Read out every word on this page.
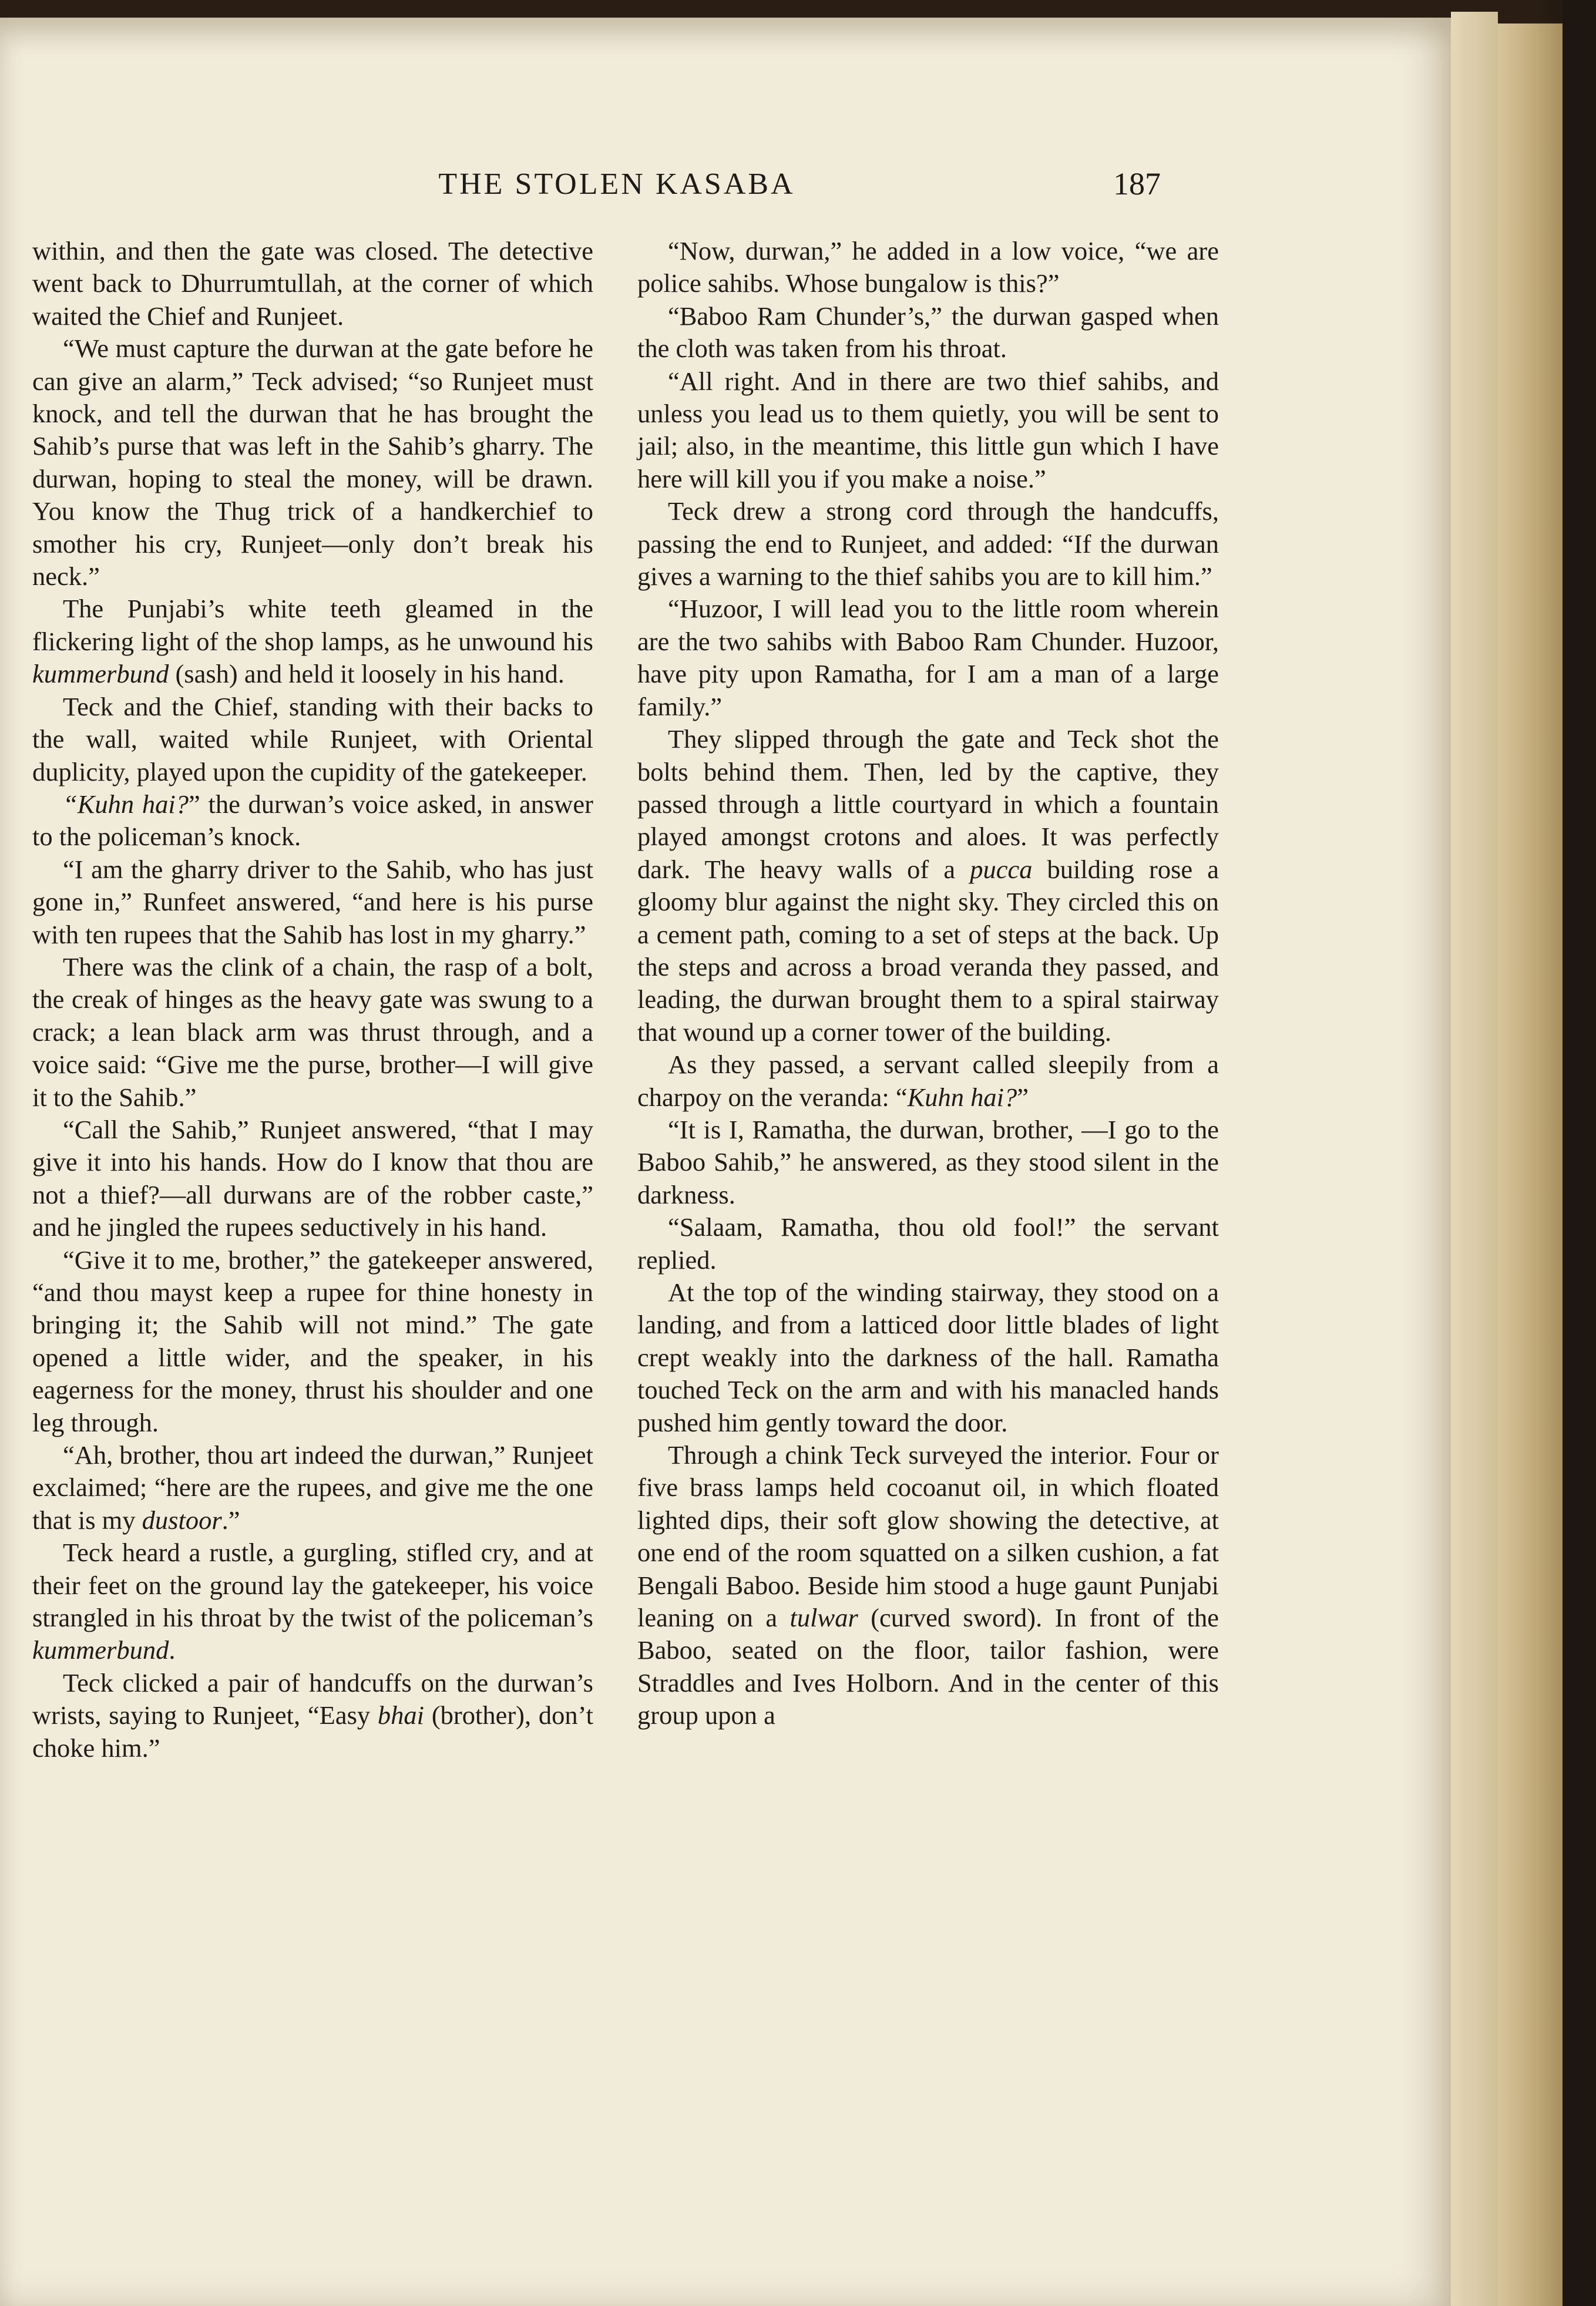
THE STOLEN KASABA	187

within, and then the gate was closed. The detective went back to Dhurrumtullah, at the corner of which waited the Chief and Runjeet.

“We must capture the durwan at the gate before he can give an alarm,” Teck advised; “so Runjeet must knock, and tell the durwan that he has brought the Sahib’s purse that was left in the Sahib’s gharry. The durwan, hoping to steal the money, will be drawn. You know the Thug trick of a handkerchief to smother his cry, Runjeet—only don’t break his neck.”

The Punjabi’s white teeth gleamed in the flickering light of the shop lamps, as he unwound his kummerbund (sash) and held it loosely in his hand.

Teck and the Chief, standing with their backs to the wall, waited while Runjeet, with Oriental duplicity, played upon the cupidity of the gatekeeper.

“Kuhn hai?” the durwan’s voice asked, in answer to the policeman’s knock.

“I am the gharry driver to the Sahib, who has just gone in,” Runfeet answered, “and here is his purse with ten rupees that the Sahib has lost in my gharry.”

There was the clink of a chain, the rasp of a bolt, the creak of hinges as the heavy gate was swung to a crack; a lean black arm was thrust through, and a voice said: “Give me the purse, brother—I will give it to the Sahib.”

“Call the Sahib,” Runjeet answered, “that I may give it into his hands. How do I know that thou are not a thief?—all durwans are of the robber caste,” and he jingled the rupees seductively in his hand.

“Give it to me, brother,” the gatekeeper answered, “and thou mayst keep a rupee for thine honesty in bringing it; the Sahib will not mind.” The gate opened a little wider, and the speaker, in his eagerness for the money, thrust his shoulder and one leg through.

“Ah, brother, thou art indeed the durwan,” Runjeet exclaimed; “here are the rupees, and give me the one that is my dustoor.”

Teck heard a rustle, a gurgling, stifled cry, and at their feet on the ground lay the gatekeeper, his voice strangled in his throat by the twist of the policeman’s kummerbund.

Teck clicked a pair of handcuffs on the durwan’s wrists, saying to Runjeet, “Easy bhai (brother), don’t choke him.”

“Now, durwan,” he added in a low voice, “we are police sahibs. Whose bungalow is this?”

“Baboo Ram Chunder’s,” the durwan gasped when the cloth was taken from his throat.

“All right. And in there are two thief sahibs, and unless you lead us to them quietly, you will be sent to jail; also, in the meantime, this little gun which I have here will kill you if you make a noise.”

Teck drew a strong cord through the handcuffs, passing the end to Runjeet, and added: “If the durwan gives a warning to the thief sahibs you are to kill him.”

“Huzoor, I will lead you to the little room wherein are the two sahibs with Baboo Ram Chunder. Huzoor, have pity upon Ramatha, for I am a man of a large family.”

They slipped through the gate and Teck shot the bolts behind them. Then, led by the captive, they passed through a little courtyard in which a fountain played amongst crotons and aloes. It was perfectly dark. The heavy walls of a pucca building rose a gloomy blur against the night sky. They circled this on a cement path, coming to a set of steps at the back. Up the steps and across a broad veranda they passed, and leading, the durwan brought them to a spiral stairway that wound up a corner tower of the building.

As they passed, a servant called sleepily from a charpoy on the veranda: “Kuhn hai?”

“It is I, Ramatha, the durwan, brother, —I go to the Baboo Sahib,” he answered, as they stood silent in the darkness.

“Salaam, Ramatha, thou old fool!” the servant replied.

At the top of the winding stairway, they stood on a landing, and from a latticed door little blades of light crept weakly into the darkness of the hall. Ramatha touched Teck on the arm and with his manacled hands pushed him gently toward the door.

Through a chink Teck surveyed the interior. Four or five brass lamps held cocoanut oil, in which floated lighted dips, their soft glow showing the detective, at one end of the room squatted on a silken cushion, a fat Bengali Baboo. Beside him stood a huge gaunt Punjabi leaning on a tulwar (curved sword). In front of the Baboo, seated on the floor, tailor fashion, were Straddles and Ives Holborn. And in the center of this group upon a
